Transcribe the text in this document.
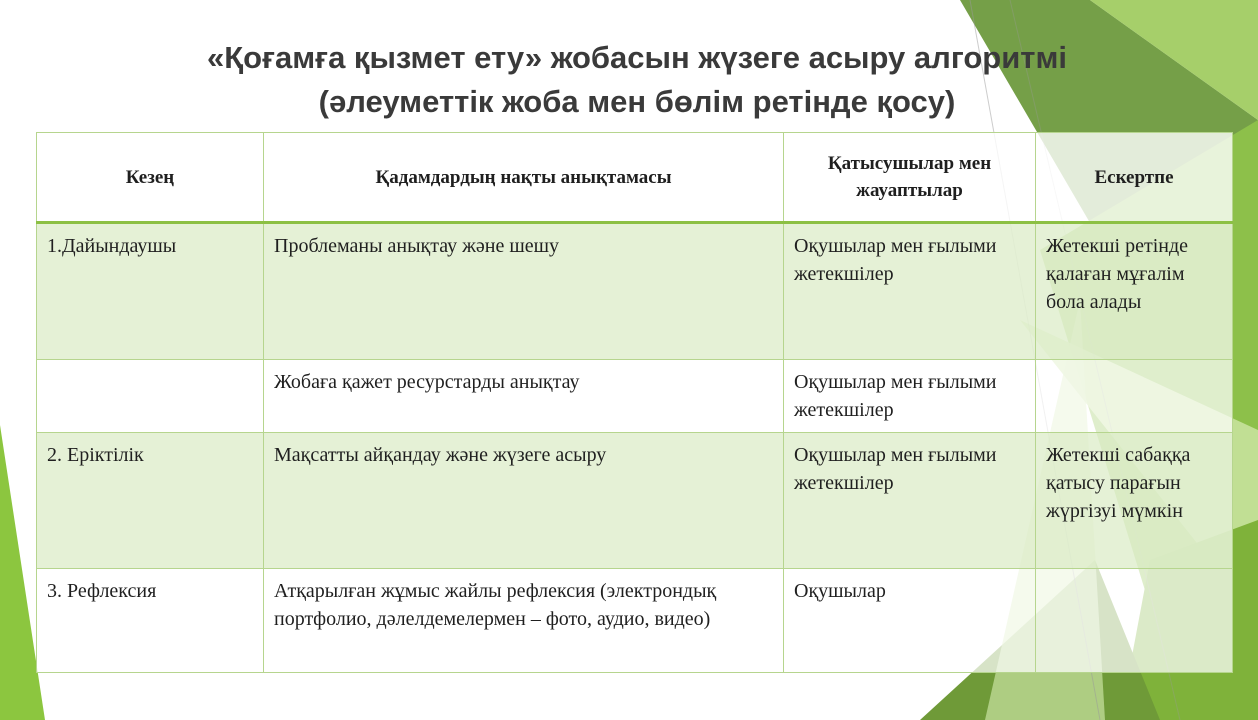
«Қоғамға қызмет ету» жобасын жүзеге асыру алгоритмі
(әлеуметтік жоба мен бөлім ретінде қосу)
Кезең	Қадамдардың нақты анықтамасы	Қатысушылар мен жауаптылар	Ескертпе
1.Дайындаушы	Проблеманы анықтау және шешу	Оқушылар мен ғылыми жетекшілер	Жетекші ретінде қалаған мұғалім бола алады
	Жобаға қажет ресурстарды анықтау	Оқушылар мен ғылыми жетекшілер	
2. Еріктілік	Мақсатты айқандау және жүзеге асыру	Оқушылар мен ғылыми жетекшілер	Жетекші сабаққа қатысу парағын жүргізуі мүмкін
3. Рефлексия	Атқарылған жұмыс жайлы рефлексия (электрондық портфолио, дәлелдемелермен – фото, аудио, видео)	Оқушылар	
